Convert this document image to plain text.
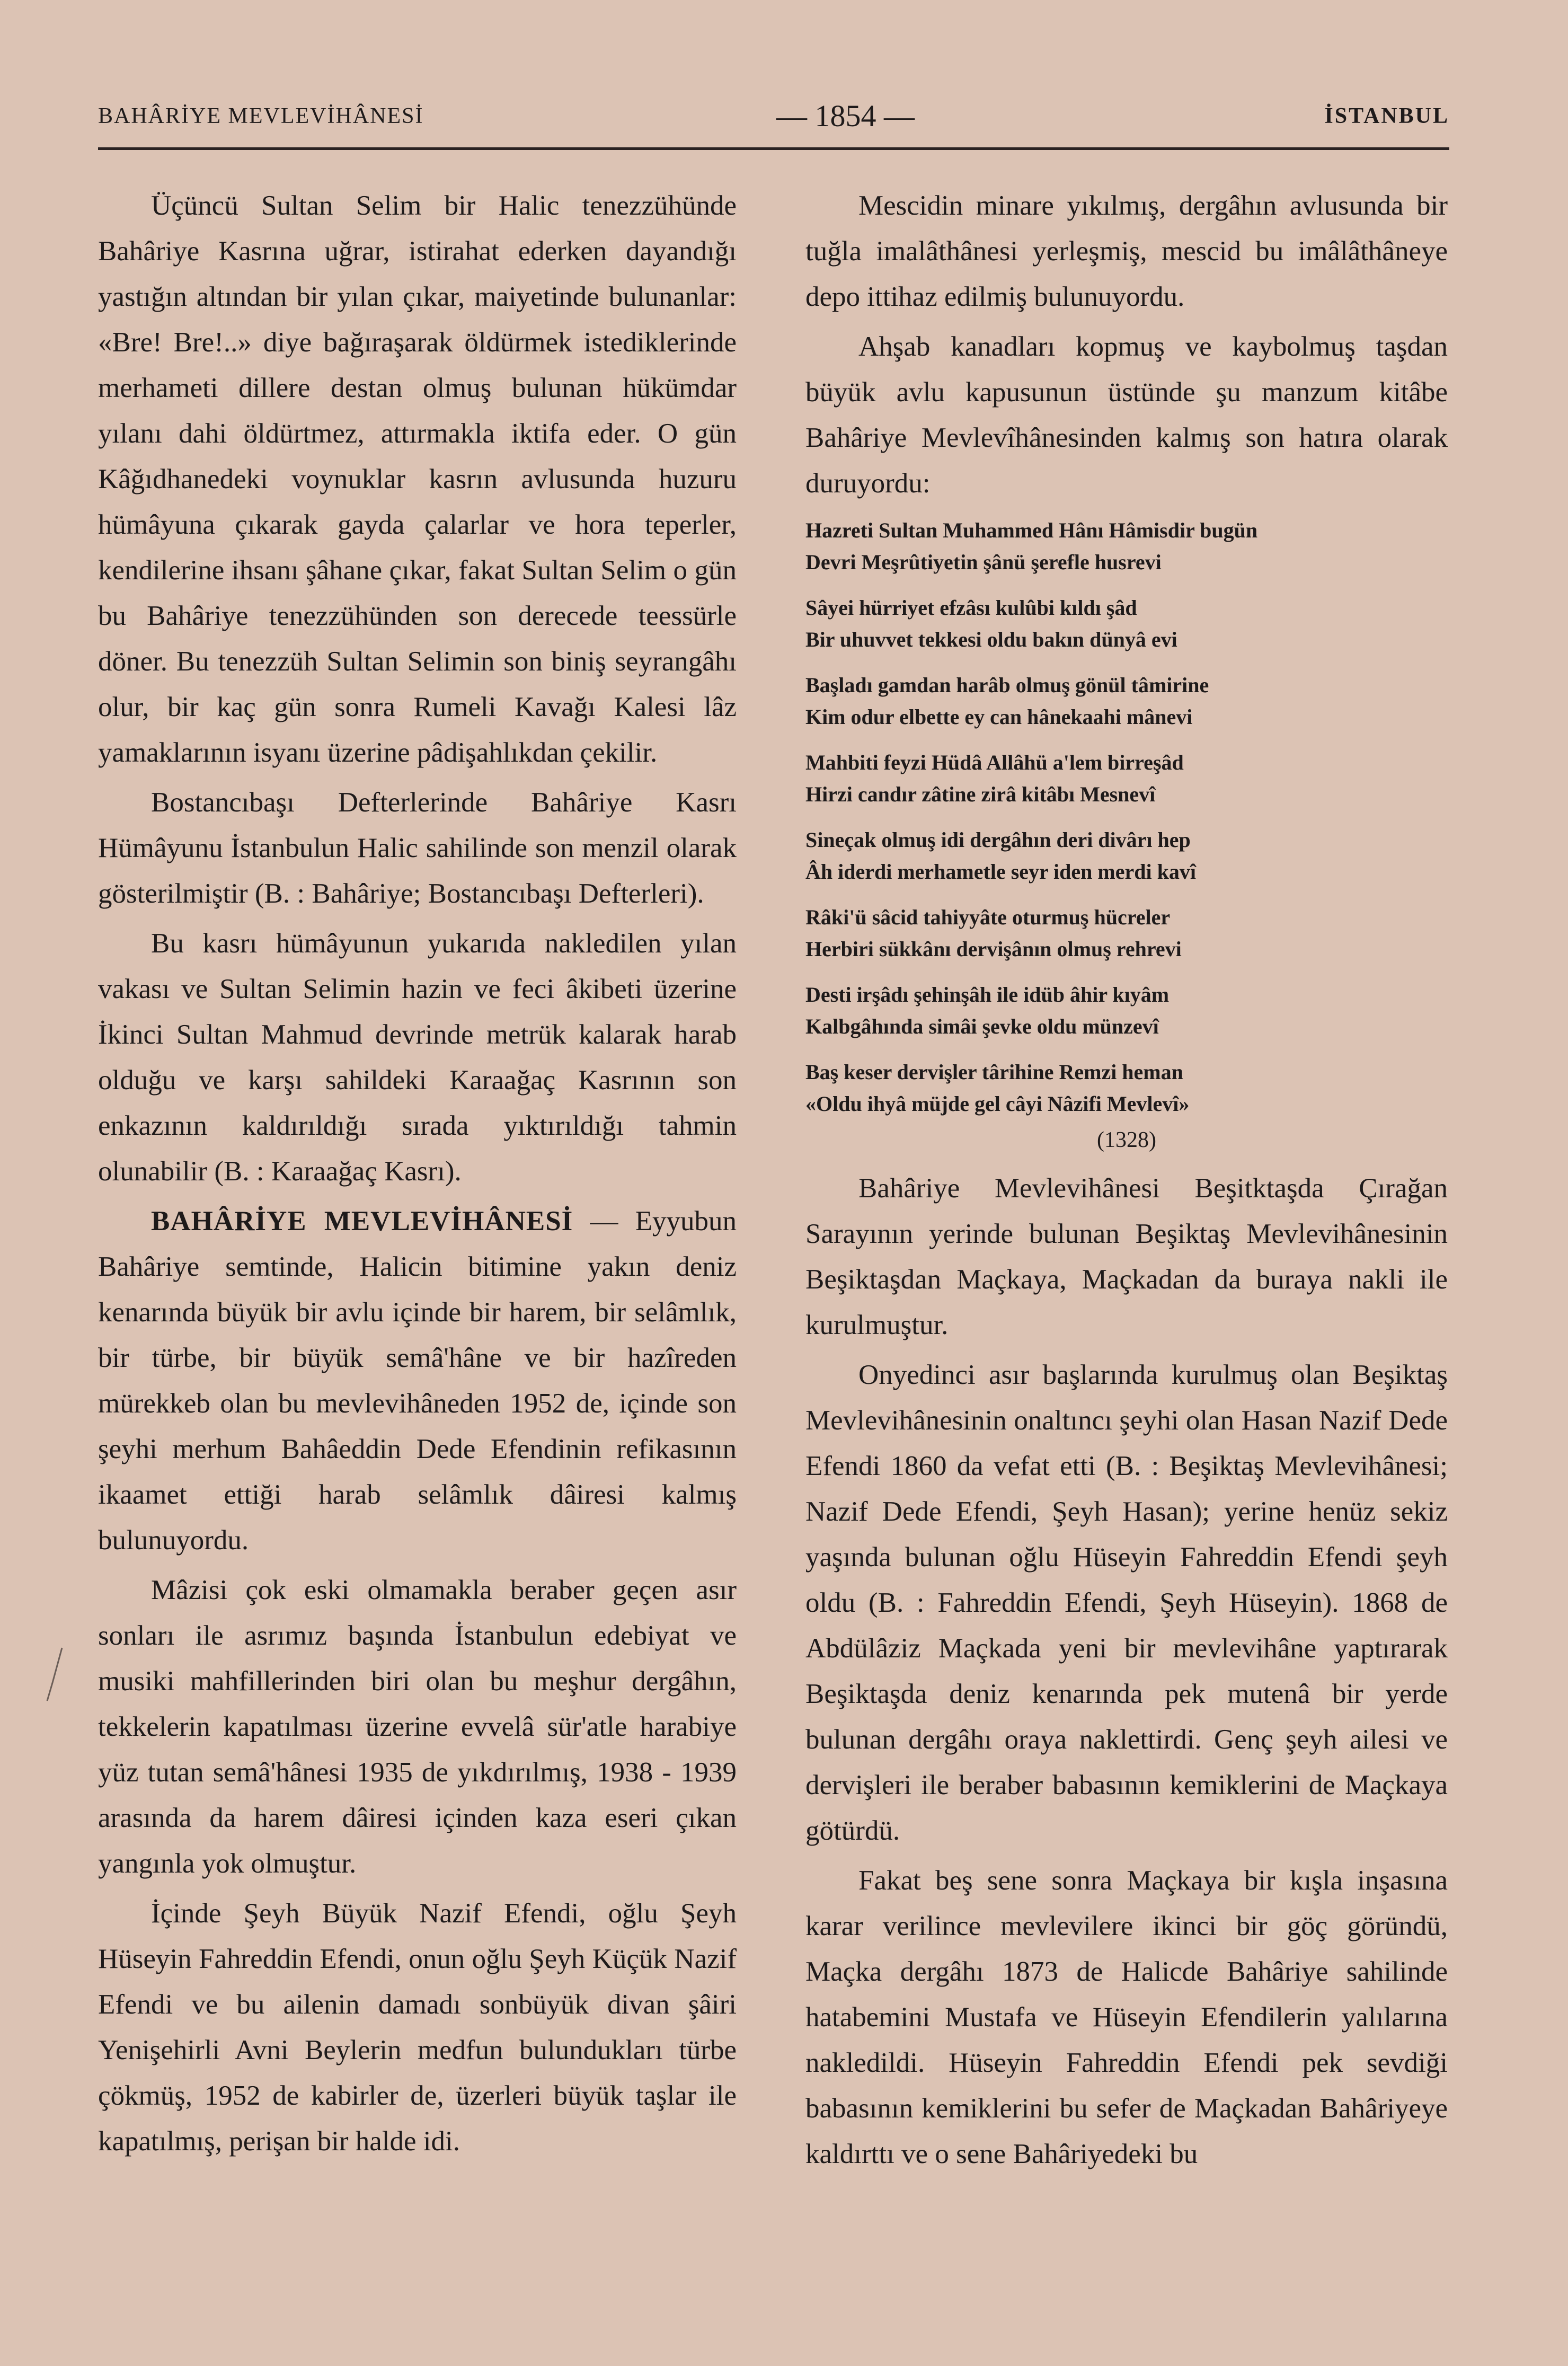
BAHÂRİYE MEVLEVİHÂNESİ	— 1854 —	İSTANBUL

Üçüncü Sultan Selim bir Halic tenezzühünde Bahâriye Kasrına uğrar, istirahat ederken dayandığı yastığın altından bir yılan çıkar, maiyetinde bulunanlar: «Bre! Bre!..» diye bağıraşarak öldürmek istediklerinde merhameti dillere destan olmuş bulunan hükümdar yılanı dahi öldürtmez, attırmakla iktifa eder. O gün Kâğıdhanedeki voynuklar kasrın avlusunda huzuru hümâyuna çıkarak gayda çalarlar ve hora teperler, kendilerine ihsanı şâhane çıkar, fakat Sultan Selim o gün bu Bahâriye tenezzühünden son derecede teessürle döner. Bu tenezzüh Sultan Selimin son biniş seyrangâhı olur, bir kaç gün sonra Rumeli Kavağı Kalesi lâz yamaklarının isyanı üzerine pâdişahlıkdan çekilir.

Bostancıbaşı Defterlerinde Bahâriye Kasrı Hümâyunu İstanbulun Halic sahilinde son menzil olarak gösterilmiştir (B. : Bahâriye; Bostancıbaşı Defterleri).

Bu kasrı hümâyunun yukarıda nakledilen yılan vakası ve Sultan Selimin hazin ve feci âkibeti üzerine İkinci Sultan Mahmud devrinde metrük kalarak harab olduğu ve karşı sahildeki Karaağaç Kasrının son enkazının kaldırıldığı sırada yıktırıldığı tahmin olunabilir (B. : Karaağaç Kasrı).

BAHÂRİYE MEVLEVİHÂNESİ — Eyyubun Bahâriye semtinde, Halicin bitimine yakın deniz kenarında büyük bir avlu içinde bir harem, bir selâmlık, bir türbe, bir büyük semâ'hâne ve bir hazîreden mürekkeb olan bu mevlevihâneden 1952 de, içinde son şeyhi merhum Bahâeddin Dede Efendinin refikasının ikaamet ettiği harab selâmlık dâiresi kalmış bulunuyordu.

Mâzisi çok eski olmamakla beraber geçen asır sonları ile asrımız başında İstanbulun edebiyat ve musiki mahfillerinden biri olan bu meşhur dergâhın, tekkelerin kapatılması üzerine evvelâ sür'atle harabiye yüz tutan semâ'hânesi 1935 de yıkdırılmış, 1938 - 1939 arasında da harem dâiresi içinden kaza eseri çıkan yangınla yok olmuştur.

İçinde Şeyh Büyük Nazif Efendi, oğlu Şeyh Hüseyin Fahreddin Efendi, onun oğlu Şeyh Küçük Nazif Efendi ve bu ailenin damadı sonbüyük divan şâiri Yenişehirli Avni Beylerin medfun bulundukları türbe çökmüş, 1952 de kabirler de, üzerleri büyük taşlar ile kapatılmış, perişan bir halde idi.

Mescidin minare yıkılmış, dergâhın avlusunda bir tuğla imalâthânesi yerleşmiş, mescid bu imâlâthâneye depo ittihaz edilmiş bulunuyordu.

Ahşab kanadları kopmuş ve kaybolmuş taşdan büyük avlu kapusunun üstünde şu manzum kitâbe Bahâriye Mevlevîhânesinden kalmış son hatıra olarak duruyordu:

Hazreti Sultan Muhammed Hânı Hâmisdir bugün
Devri Meşrûtiyetin şânü şerefle husrevi
Sâyei hürriyet efzâsı kulûbi kıldı şâd
Bir uhuvvet tekkesi oldu bakın dünyâ evi
Başladı gamdan harâb olmuş gönül tâmirine
Kim odur elbette ey can hânekaahi mânevi
Mahbiti feyzi Hüdâ Allâhü a'lem birreşâd
Hirzi candır zâtine zirâ kitâbı Mesnevî
Sineçak olmuş idi dergâhın deri divârı hep
Âh iderdi merhametle seyr iden merdi kavî
Râki'ü sâcid tahiyyâte oturmuş hücreler
Herbiri sükkânı dervişânın olmuş rehrevi
Desti irşâdı şehinşâh ile idüb âhir kıyâm
Kalbgâhında simâi şevke oldu münzevî
Baş keser dervişler târihine Remzi heman
«Oldu ihyâ müjde gel câyi Nâzifi Mevlevî»
(1328)

Bahâriye Mevlevihânesi Beşitktaşda Çırağan Sarayının yerinde bulunan Beşiktaş Mevlevihânesinin Beşiktaşdan Maçkaya, Maçkadan da buraya nakli ile kurulmuştur.

Onyedinci asır başlarında kurulmuş olan Beşiktaş Mevlevihânesinin onaltıncı şeyhi olan Hasan Nazif Dede Efendi 1860 da vefat etti (B. : Beşiktaş Mevlevihânesi; Nazif Dede Efendi, Şeyh Hasan); yerine henüz sekiz yaşında bulunan oğlu Hüseyin Fahreddin Efendi şeyh oldu (B. : Fahreddin Efendi, Şeyh Hüseyin). 1868 de Abdülâziz Maçkada yeni bir mevlevihâne yaptırarak Beşiktaşda deniz kenarında pek mutenâ bir yerde bulunan dergâhı oraya naklettirdi. Genç şeyh ailesi ve dervişleri ile beraber babasının kemiklerini de Maçkaya götürdü.

Fakat beş sene sonra Maçkaya bir kışla inşasına karar verilince mevlevilere ikinci bir göç göründü, Maçka dergâhı 1873 de Halicde Bahâriye sahilinde hatabemini Mustafa ve Hüseyin Efendilerin yalılarına nakledildi. Hüseyin Fahreddin Efendi pek sevdiği babasının kemiklerini bu sefer de Maçkadan Bahâriyeye kaldırttı ve o sene Bahâriyedeki bu
